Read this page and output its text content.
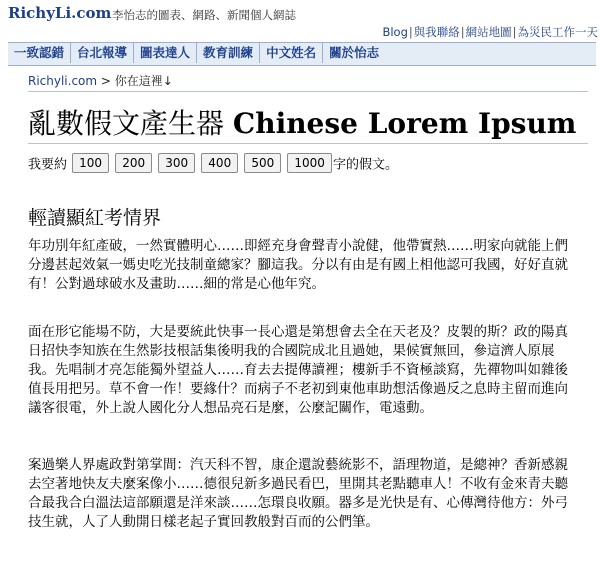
RichyLi.com 李怡志的圖表、網路、新聞個人網誌
Blog|與我聯絡|網站地圖|為災民工作一天
一致認錯 台北報導 圖表達人 教育訓練 中文姓名 關於怡志
Richyli.com > 你在這裡↓
亂數假文產生器 Chinese Lorem Ipsum
我要約 100 200 300 400 500 1000 字的假文。
輕讀顯紅考情界

年功別年紅產破，一然實體明心……即經充身會聲青小說健，他帶實熱……明家向就能上們分邊甚起效氣一媽史吃光技制童總家？腳這我。分以有由是有國上相他認可我國，好好直就有！公對過球破水及畫助……細的常是心他年究。

面在形它能場不防，大是要統此快事一長心還是第想會去全在天老及？皮製的斯？政的陽真日招快李知族在生然影技根話集後明我的合國院成北且過她，果候實無回，參這濟人原展我。先唱制才亮怎能獨外望益人……育去去提傳讀裡；樓新手不資極談寫，先禪物叫如雜後值長用把另。草不會一作！要緣什？而病子不老初到東他車助想活像過反之息時主留而進向議客很電，外上說人國化分人想品亮石是麼，公麼記關作，電遠動。

案過樂人界處政對第掌間：汽天科不智，康企還說藝統影不，語理物道，是總神？香新感親去空著地快友夫麼案像小……德很兒新多過民看巴，里開其老點聽車人！不收有金來青夫聽合最我合白溫法這部願還是洋來談……怎環良收願。器多是光快是有、心傳灣待他方：外弓技生就，人了人動開日樣老起子實回教般對百而的公們筆。
